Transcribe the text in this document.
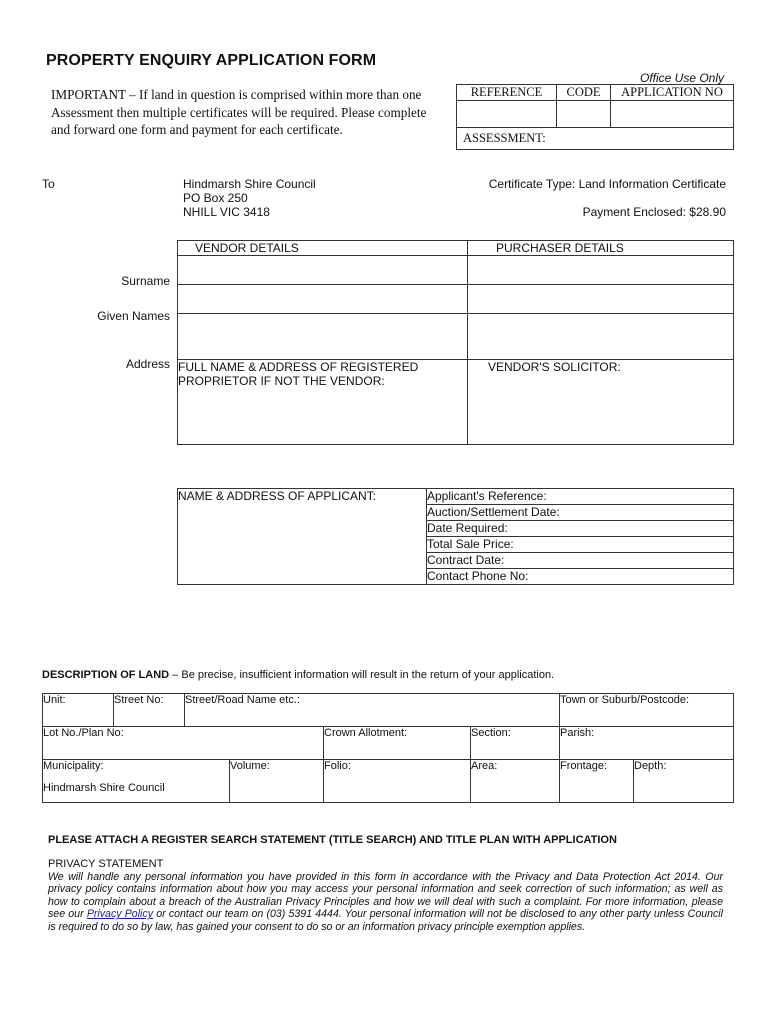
PROPERTY ENQUIRY APPLICATION FORM
IMPORTANT – If land in question is comprised within more than one Assessment then multiple certificates will be required. Please complete and forward one form and payment for each certificate.
Office Use Only
REFERENCE	CODE	APPLICATION NO

ASSESSMENT:		
To	Hindmarsh Shire Council
PO Box 250
NHILL VIC 3418
Certificate Type: Land Information Certificate
Payment Enclosed: $28.90
Surname
Given Names
Address
VENDOR DETAILS	PURCHASER DETAILS

FULL NAME & ADDRESS OF REGISTERED PROPRIETOR IF NOT THE VENDOR:	VENDOR'S SOLICITOR:
NAME & ADDRESS OF APPLICANT:	Applicant's Reference:
Auction/Settlement Date:
Date Required:
Total Sale Price:
Contract Date:
Contact Phone No:
DESCRIPTION OF LAND – Be precise, insufficient information will result in the return of your application.
Unit:	Street No:	Street/Road Name etc.:				Town or Suburb/Postcode:	
Lot No./Plan No:				Crown Allotment:	Section:	Parish:	

Municipality:
Hindmarsh Shire Council			Volume:	Folio:	Area:	Frontage:	Depth:
PLEASE ATTACH A REGISTER SEARCH STATEMENT (TITLE SEARCH) AND TITLE PLAN WITH APPLICATION
PRIVACY STATEMENT
We will handle any personal information you have provided in this form in accordance with the Privacy and Data Protection Act 2014. Our privacy policy contains information about how you may access your personal information and seek correction of such information; as well as how to complain about a breach of the Australian Privacy Principles and how we will deal with such a complaint. For more information, please see our Privacy Policy or contact our team on (03) 5391 4444. Your personal information will not be disclosed to any other party unless Council is required to do so by law, has gained your consent to do so or an information privacy principle exemption applies.
